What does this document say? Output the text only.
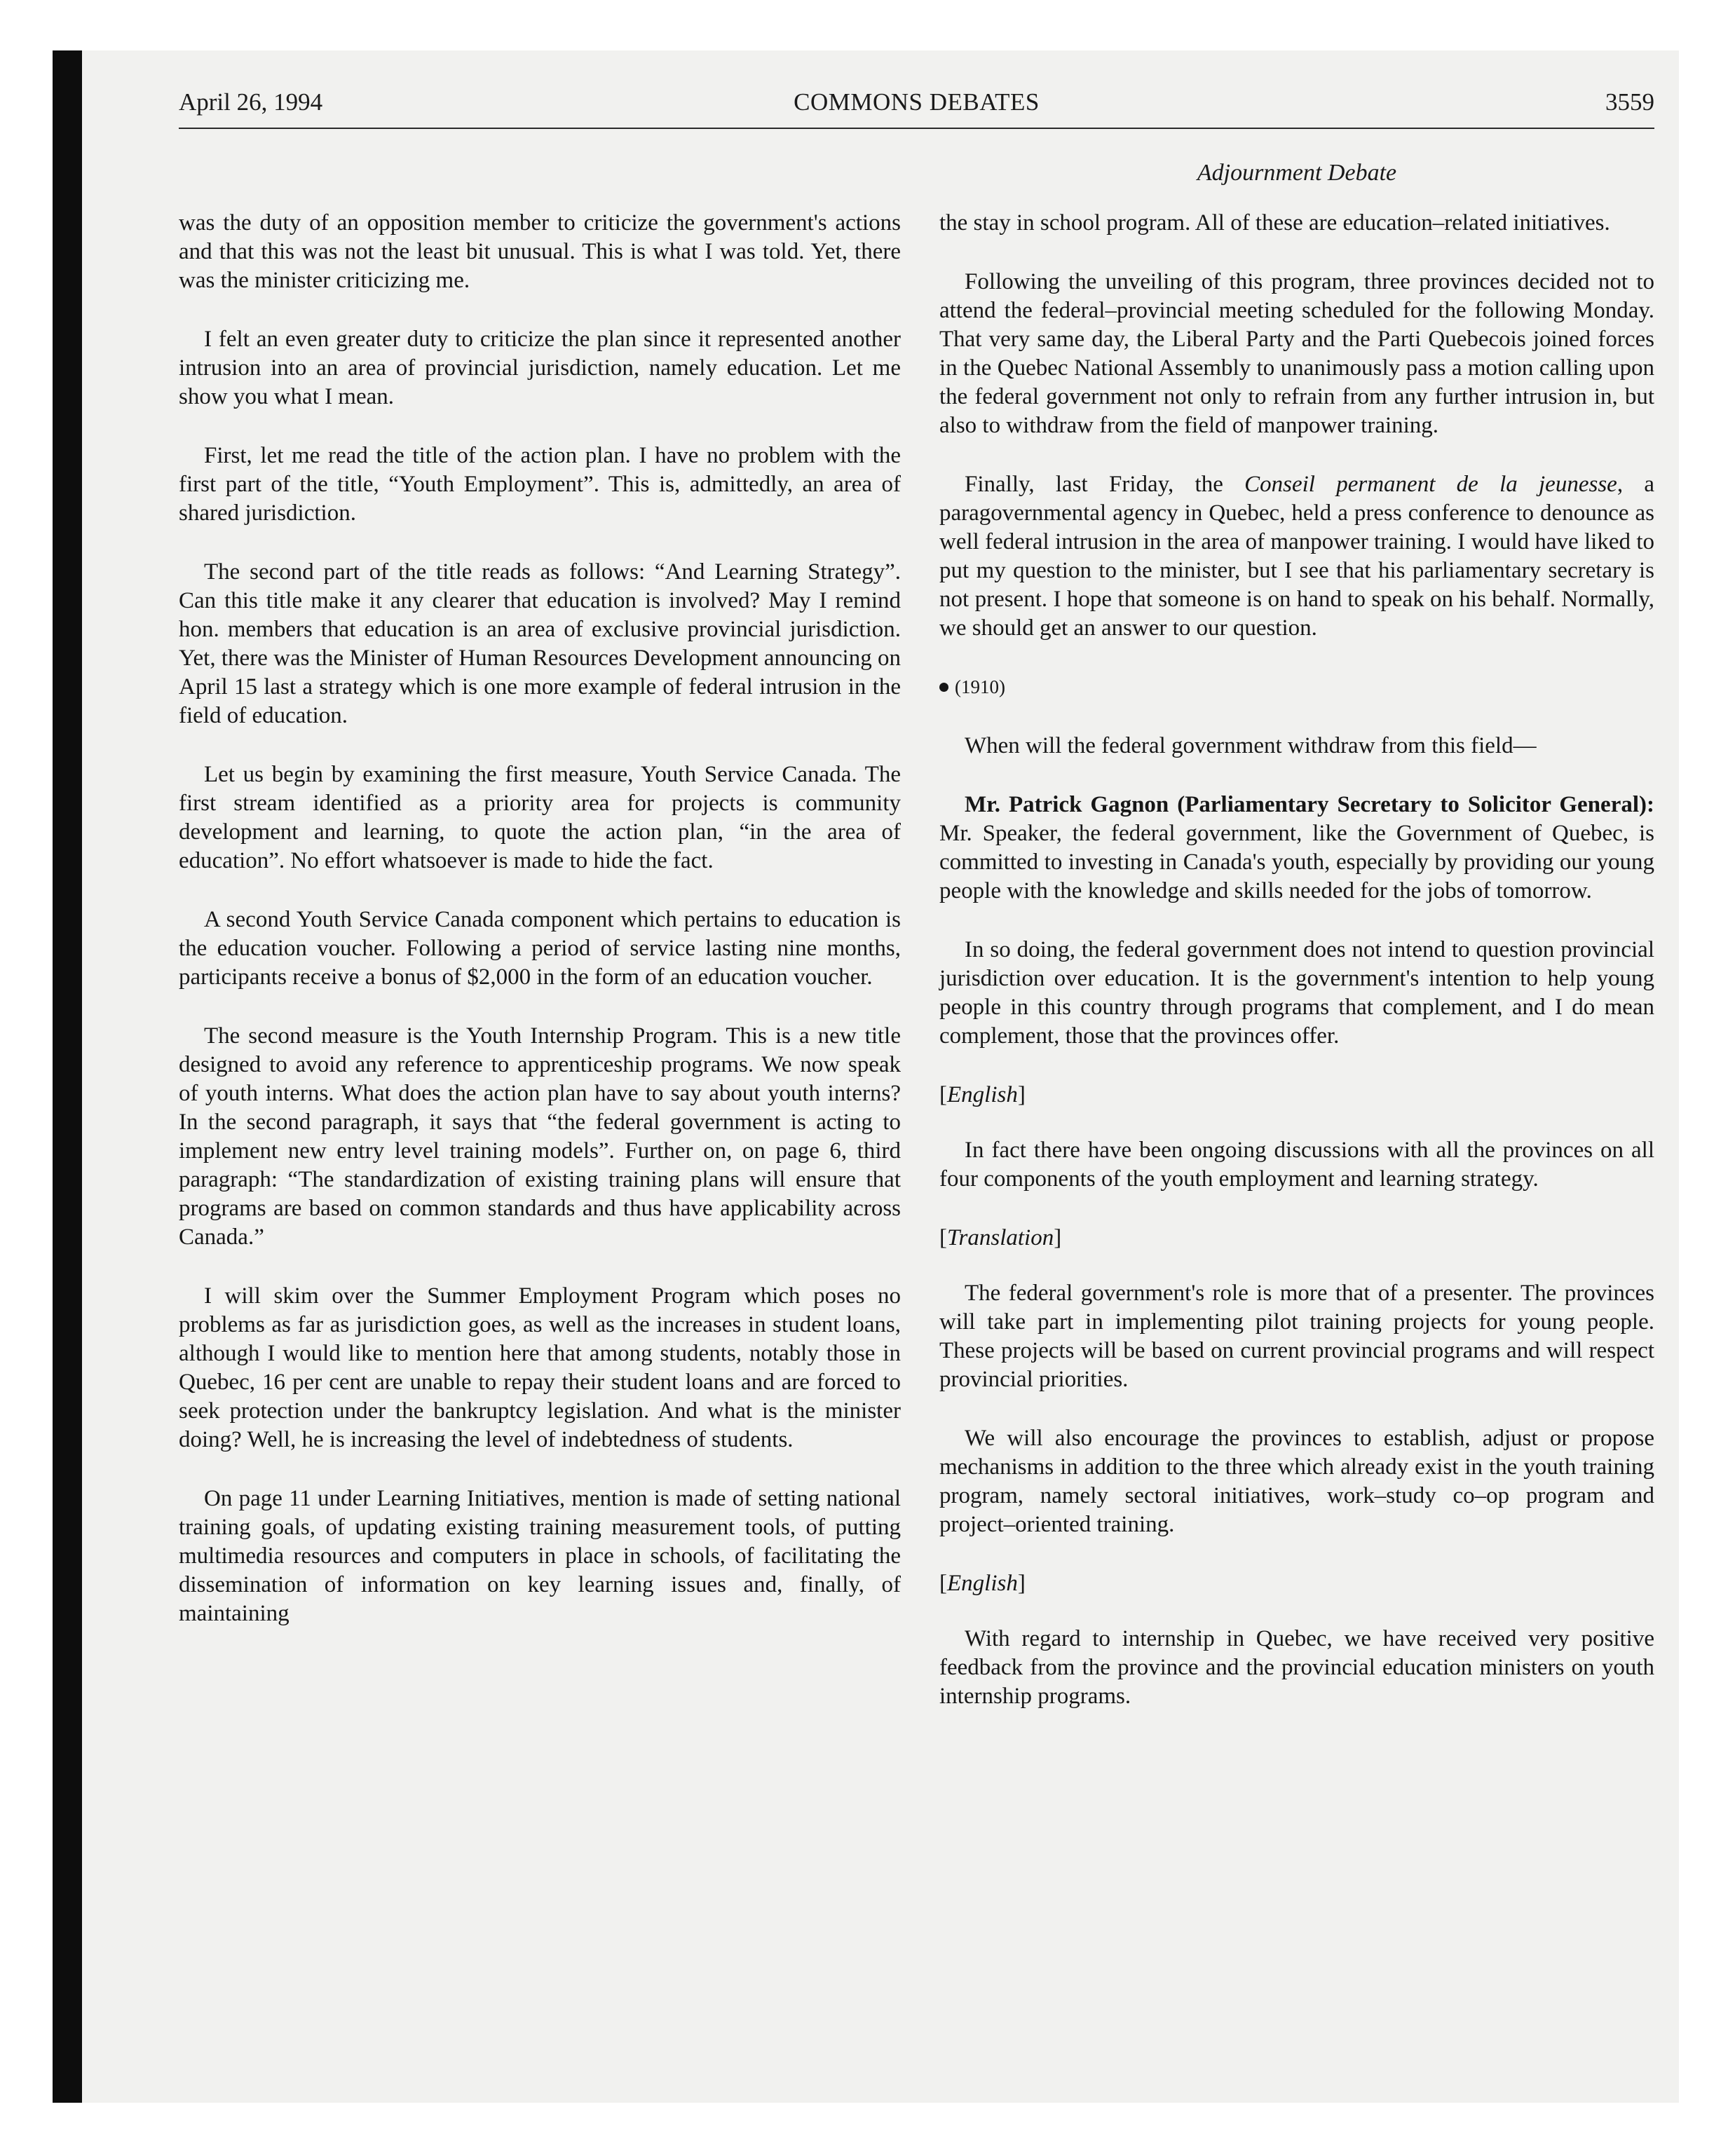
April 26, 1994	COMMONS DEBATES	3559
Adjournment Debate

was the duty of an opposition member to criticize the government's actions and that this was not the least bit unusual. This is what I was told. Yet, there was the minister criticizing me.

I felt an even greater duty to criticize the plan since it represented another intrusion into an area of provincial jurisdiction, namely education. Let me show you what I mean.

First, let me read the title of the action plan. I have no problem with the first part of the title, “Youth Employment”. This is, admittedly, an area of shared jurisdiction.

The second part of the title reads as follows: “And Learning Strategy”. Can this title make it any clearer that education is involved? May I remind hon. members that education is an area of exclusive provincial jurisdiction. Yet, there was the Minister of Human Resources Development announcing on April 15 last a strategy which is one more example of federal intrusion in the field of education.

Let us begin by examining the first measure, Youth Service Canada. The first stream identified as a priority area for projects is community development and learning, to quote the action plan, “in the area of education”. No effort whatsoever is made to hide the fact.

A second Youth Service Canada component which pertains to education is the education voucher. Following a period of service lasting nine months, participants receive a bonus of $2,000 in the form of an education voucher.

The second measure is the Youth Internship Program. This is a new title designed to avoid any reference to apprenticeship programs. We now speak of youth interns. What does the action plan have to say about youth interns? In the second paragraph, it says that “the federal government is acting to implement new entry level training models”. Further on, on page 6, third paragraph: “The standardization of existing training plans will ensure that programs are based on common standards and thus have applicability across Canada.”

I will skim over the Summer Employment Program which poses no problems as far as jurisdiction goes, as well as the increases in student loans, although I would like to mention here that among students, notably those in Quebec, 16 per cent are unable to repay their student loans and are forced to seek protection under the bankruptcy legislation. And what is the minister doing? Well, he is increasing the level of indebtedness of students.

On page 11 under Learning Initiatives, mention is made of setting national training goals, of updating existing training measurement tools, of putting multimedia resources and computers in place in schools, of facilitating the dissemination of information on key learning issues and, finally, of maintaining

the stay in school program. All of these are education–related initiatives.

Following the unveiling of this program, three provinces decided not to attend the federal–provincial meeting scheduled for the following Monday. That very same day, the Liberal Party and the Parti Quebecois joined forces in the Quebec National Assembly to unanimously pass a motion calling upon the federal government not only to refrain from any further intrusion in, but also to withdraw from the field of manpower training.

Finally, last Friday, the Conseil permanent de la jeunesse, a paragovernmental agency in Quebec, held a press conference to denounce as well federal intrusion in the area of manpower training. I would have liked to put my question to the minister, but I see that his parliamentary secretary is not present. I hope that someone is on hand to speak on his behalf. Normally, we should get an answer to our question.

(1910)

When will the federal government withdraw from this field—

Mr. Patrick Gagnon (Parliamentary Secretary to Solicitor General): Mr. Speaker, the federal government, like the Government of Quebec, is committed to investing in Canada's youth, especially by providing our young people with the knowledge and skills needed for the jobs of tomorrow.

In so doing, the federal government does not intend to question provincial jurisdiction over education. It is the government's intention to help young people in this country through programs that complement, and I do mean complement, those that the provinces offer.

[English]

In fact there have been ongoing discussions with all the provinces on all four components of the youth employment and learning strategy.

[Translation]

The federal government's role is more that of a presenter. The provinces will take part in implementing pilot training projects for young people. These projects will be based on current provincial programs and will respect provincial priorities.

We will also encourage the provinces to establish, adjust or propose mechanisms in addition to the three which already exist in the youth training program, namely sectoral initiatives, work–study co–op program and project–oriented training.

[English]

With regard to internship in Quebec, we have received very positive feedback from the province and the provincial education ministers on youth internship programs.
